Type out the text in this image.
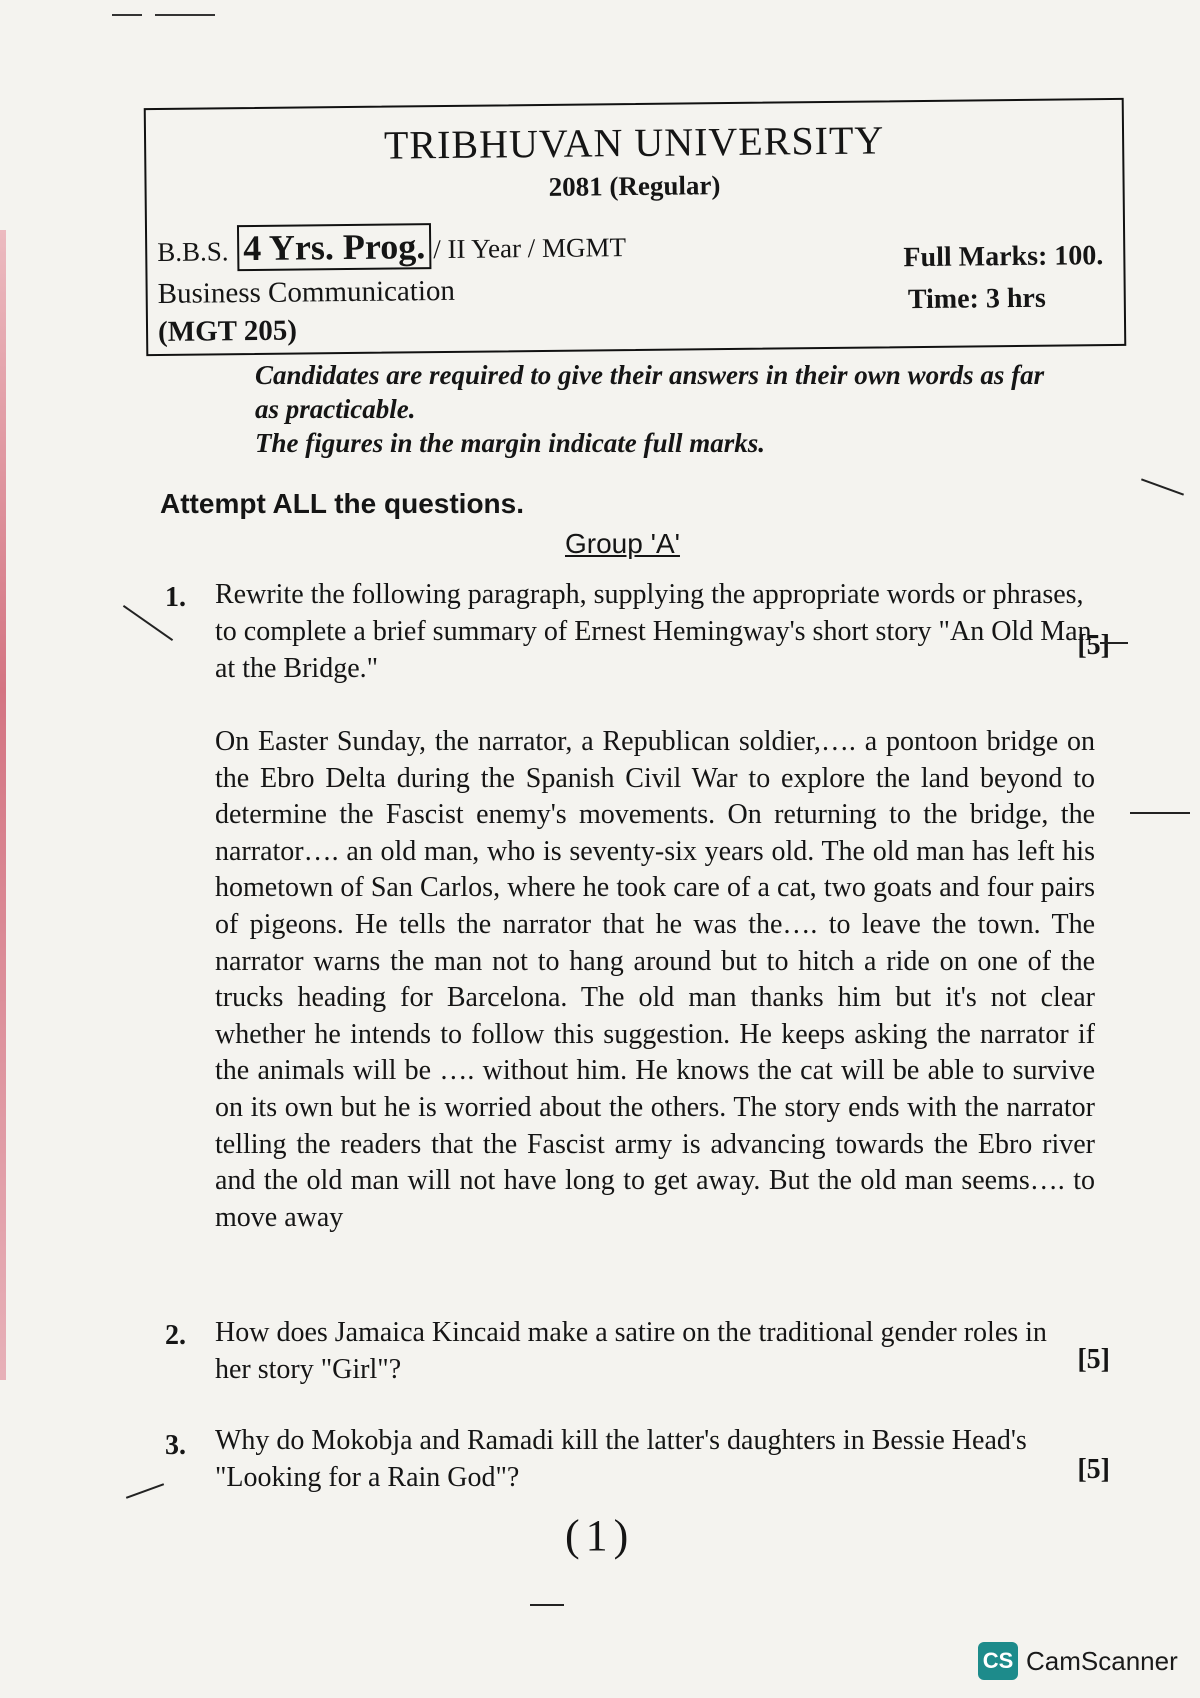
TRIBHUVAN UNIVERSITY
2081 (Regular)
B.B.S. 4 Yrs. Prog. / II Year / MGMT
Business Communication
(MGT 205)
Full Marks: 100.
Time: 3 hrs
Candidates are required to give their answers in their own words as far
as practicable.
The figures in the margin indicate full marks.
Attempt ALL the questions.
Group 'A'
1. Rewrite the following paragraph, supplying the appropriate words or phrases, to complete a brief summary of Ernest Hemingway's short story "An Old Man at the Bridge."
[5]
On Easter Sunday, the narrator, a Republican soldier,…. a pontoon bridge on the Ebro Delta during the Spanish Civil War to explore the land beyond to determine the Fascist enemy's movements. On returning to the bridge, the narrator…. an old man, who is seventy-six years old. The old man has left his hometown of San Carlos, where he took care of a cat, two goats and four pairs of pigeons. He tells the narrator that he was the…. to leave the town. The narrator warns the man not to hang around but to hitch a ride on one of the trucks heading for Barcelona. The old man thanks him but it's not clear whether he intends to follow this suggestion. He keeps asking the narrator if the animals will be …. without him. He knows the cat will be able to survive on its own but he is worried about the others. The story ends with the narrator telling the readers that the Fascist army is advancing towards the Ebro river and the old man will not have long to get away. But the old man seems…. to move away
2. How does Jamaica Kincaid make a satire on the traditional gender roles in her story "Girl"?	[5]
3. Why do Mokobja and Ramadi kill the latter's daughters in Bessie Head's "Looking for a Rain God"?	[5]
(1)
CS CamScanner
